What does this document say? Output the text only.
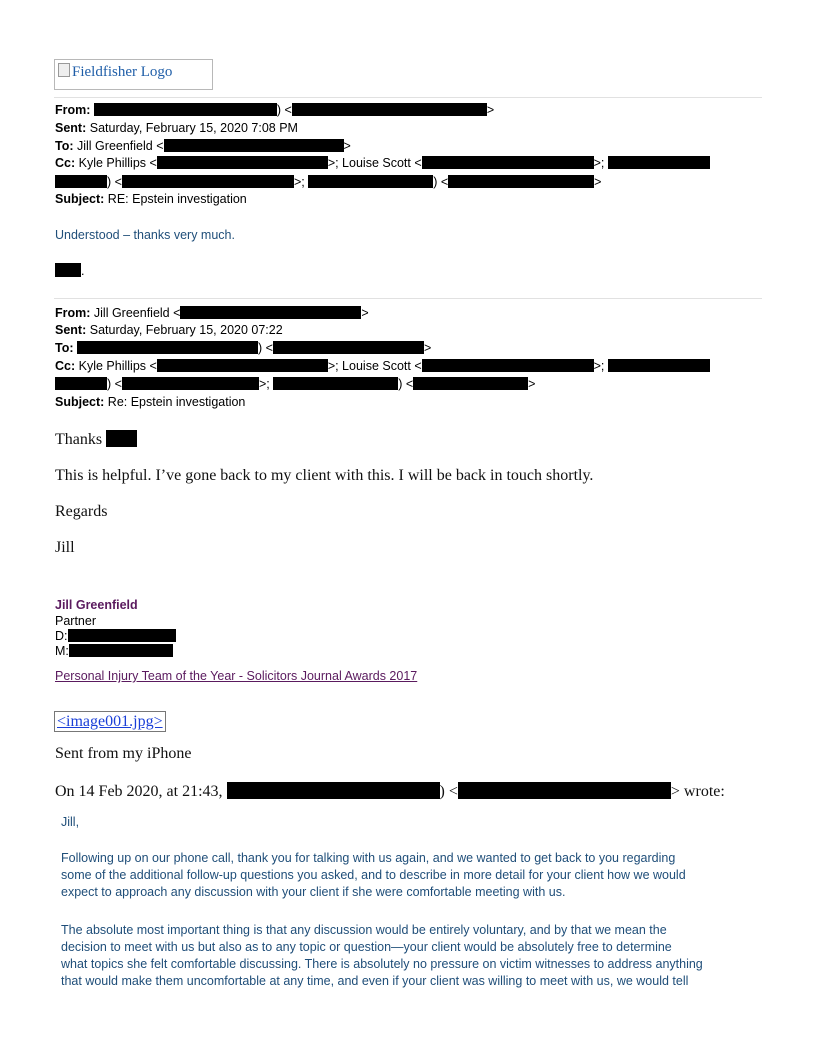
Fieldfisher Logo
From:	) <	>
Sent: Saturday, February 15, 2020 7:08 PM
To: Jill Greenfield <	>
Cc: Kyle Phillips <	>; Louise Scott <	>;
) <	>;	) <	>
Subject: RE: Epstein investigation
Understood – thanks very much.
.
From: Jill Greenfield <	>
Sent: Saturday, February 15, 2020 07:22
To:	) <	>
Cc: Kyle Phillips <	>; Louise Scott <	>;
) <	>;	) <	>
Subject: Re: Epstein investigation
Thanks
This is helpful. I’ve gone back to my client with this. I will be back in touch shortly.
Regards
Jill
Jill Greenfield
Partner
D:
M:
Personal Injury Team of the Year - Solicitors Journal Awards 2017
<image001.jpg>
Sent from my iPhone
On 14 Feb 2020, at 21:43,	) <	> wrote:
Jill,
Following up on our phone call, thank you for talking with us again, and we wanted to get back to you regarding
some of the additional follow-up questions you asked, and to describe in more detail for your client how we would
expect to approach any discussion with your client if she were comfortable meeting with us.
The absolute most important thing is that any discussion would be entirely voluntary, and by that we mean the
decision to meet with us but also as to any topic or question—your client would be absolutely free to determine
what topics she felt comfortable discussing. There is absolutely no pressure on victim witnesses to address anything
that would make them uncomfortable at any time, and even if your client was willing to meet with us, we would tell
